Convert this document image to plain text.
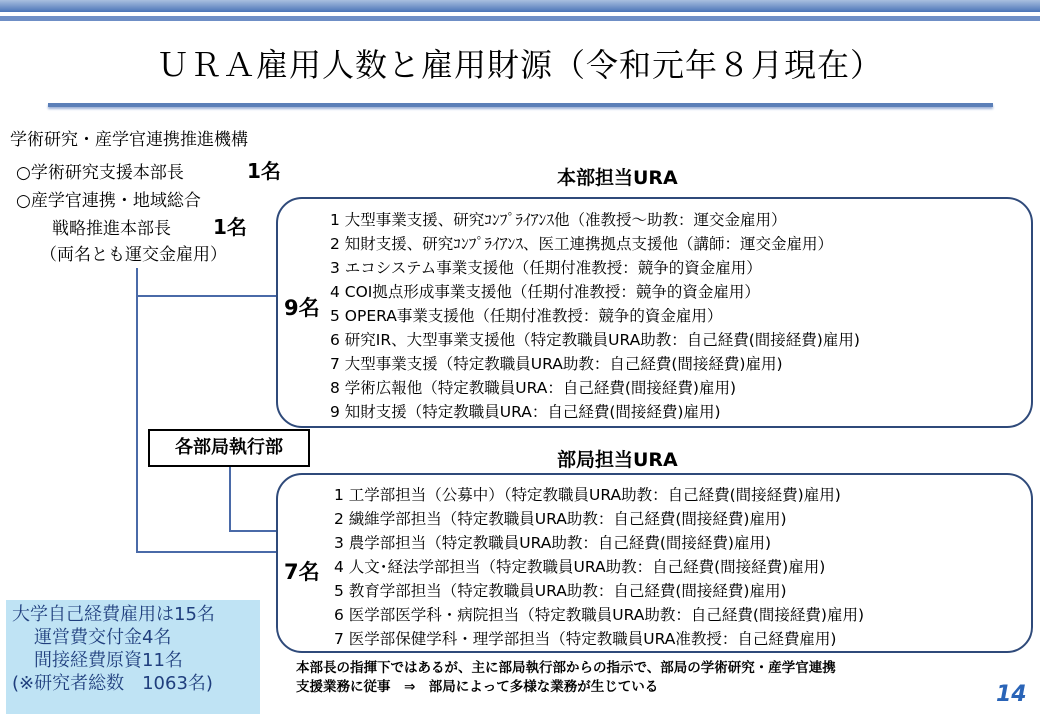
ＵＲＡ雇用人数と雇用財源（令和元年８月現在）
学術研究・産学官連携推進機構
○学術研究支援本部長	1名
○産学官連携・地域総合
戦略推進本部長 1名
（両名とも運交金雇用）
本部担当URA
9名
1 大型事業支援、研究ｺﾝﾌﾟﾗｲｱﾝｽ他（准教授～助教：運交金雇用）
2 知財支援、研究ｺﾝﾌﾟﾗｲｱﾝｽ、医工連携拠点支援他（講師：運交金雇用）
3 エコシステム事業支援他（任期付准教授：競争的資金雇用）
4 COI拠点形成事業支援他（任期付准教授：競争的資金雇用）
5 OPERA事業支援他（任期付准教授：競争的資金雇用）
6 研究IR、大型事業支援他（特定教職員URA助教：自己経費(間接経費)雇用)
7 大型事業支援（特定教職員URA助教：自己経費(間接経費)雇用)
8 学術広報他（特定教職員URA：自己経費(間接経費)雇用)
9 知財支援（特定教職員URA：自己経費(間接経費)雇用)
各部局執行部
部局担当URA
7名
1 工学部担当（公募中）（特定教職員URA助教：自己経費(間接経費)雇用)
2 繊維学部担当（特定教職員URA助教：自己経費(間接経費)雇用)
3 農学部担当（特定教職員URA助教：自己経費(間接経費)雇用)
4 人文･経法学部担当（特定教職員URA助教：自己経費(間接経費)雇用)
5 教育学部担当（特定教職員URA助教：自己経費(間接経費)雇用)
6 医学部医学科・病院担当（特定教職員URA助教：自己経費(間接経費)雇用)
7 医学部保健学科・理学部担当（特定教職員URA准教授：自己経費雇用)
大学自己経費雇用は15名
運営費交付金4名
間接経費原資11名
(※研究者総数　1063名)
本部長の指揮下ではあるが、主に部局執行部からの指示で、部局の学術研究・産学官連携
支援業務に従事　⇒　部局によって多様な業務が生じている	14
